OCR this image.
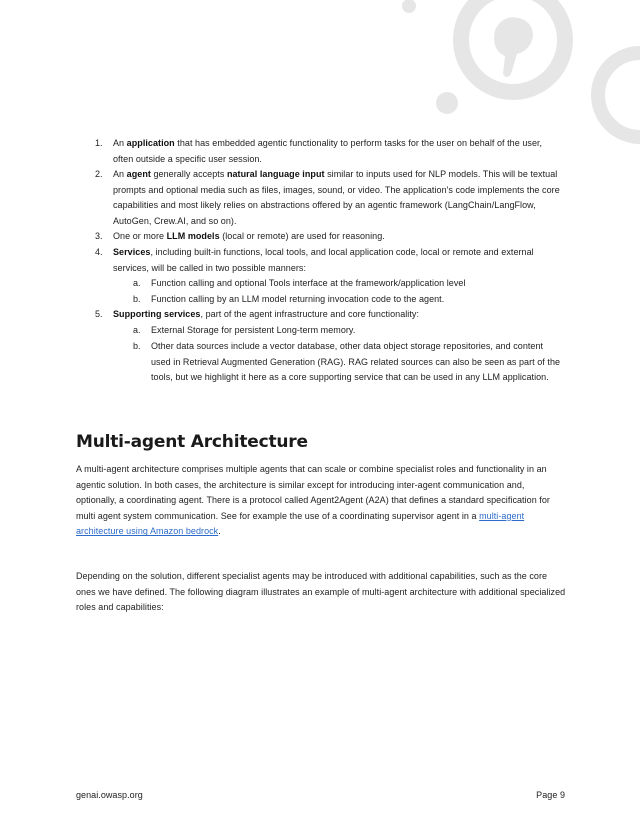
1. An application that has embedded agentic functionality to perform tasks for the user on behalf of the user, often outside a specific user session.
2. An agent generally accepts natural language input similar to inputs used for NLP models. This will be textual prompts and optional media such as files, images, sound, or video. The application's code implements the core capabilities and most likely relies on abstractions offered by an agentic framework (LangChain/LangFlow, AutoGen, Crew.AI, and so on).
3. One or more LLM models (local or remote) are used for reasoning.
4. Services, including built-in functions, local tools, and local application code, local or remote and external services, will be called in two possible manners:
a. Function calling and optional Tools interface at the framework/application level
b. Function calling by an LLM model returning invocation code to the agent.
5. Supporting services, part of the agent infrastructure and core functionality:
a. External Storage for persistent Long-term memory.
b. Other data sources include a vector database, other data object storage repositories, and content used in Retrieval Augmented Generation (RAG). RAG related sources can also be seen as part of the tools, but we highlight it here as a core supporting service that can be used in any LLM application.
Multi-agent Architecture
A multi-agent architecture comprises multiple agents that can scale or combine specialist roles and functionality in an agentic solution. In both cases, the architecture is similar except for introducing inter-agent communication and, optionally, a coordinating agent. There is a protocol called Agent2Agent (A2A) that defines a standard specification for multi agent system communication. See for example the use of a coordinating supervisor agent in a multi-agent architecture using Amazon bedrock.
Depending on the solution, different specialist agents may be introduced with additional capabilities, such as the core ones we have defined. The following diagram illustrates an example of multi-agent architecture with additional specialized roles and capabilities:
genai.owasp.org	Page 9
